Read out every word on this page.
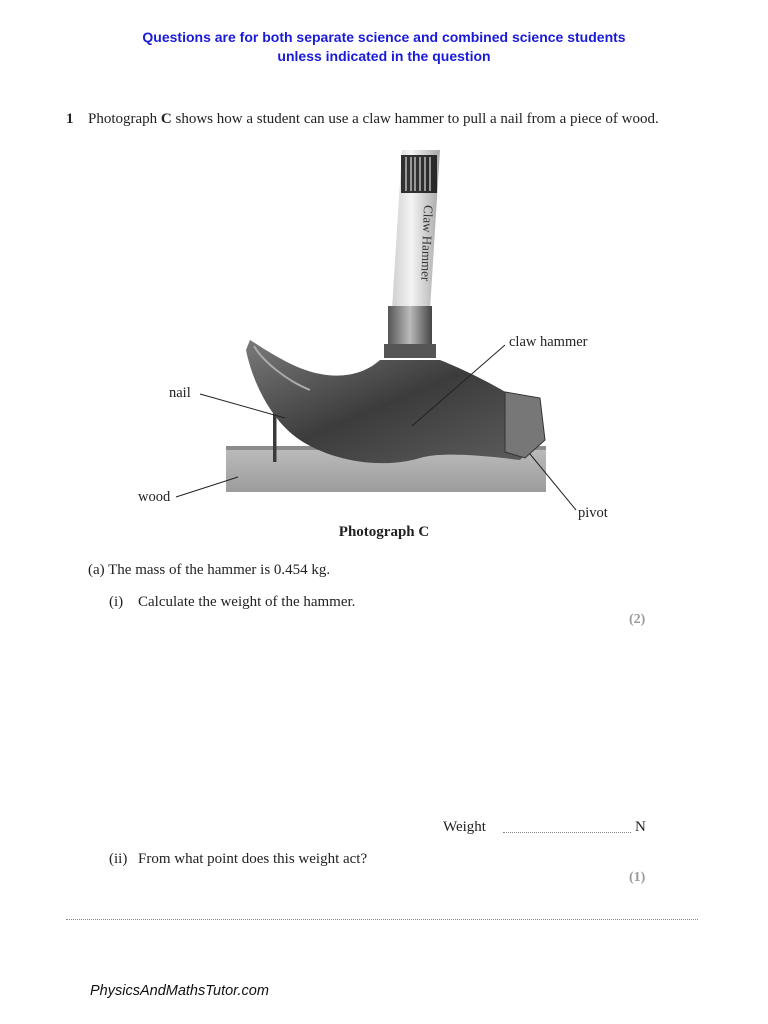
Questions are for both separate science and combined science students
unless indicated in the question
1 Photograph C shows how a student can use a claw hammer to pull a nail from a piece of wood.
Claw Hammer
claw hammer
nail
wood
pivot
Photograph C
(a) The mass of the hammer is 0.454 kg.
(i) Calculate the weight of the hammer.
(2)
Weight	N
(ii) From what point does this weight act?
(1)
PhysicsAndMathsTutor.com
